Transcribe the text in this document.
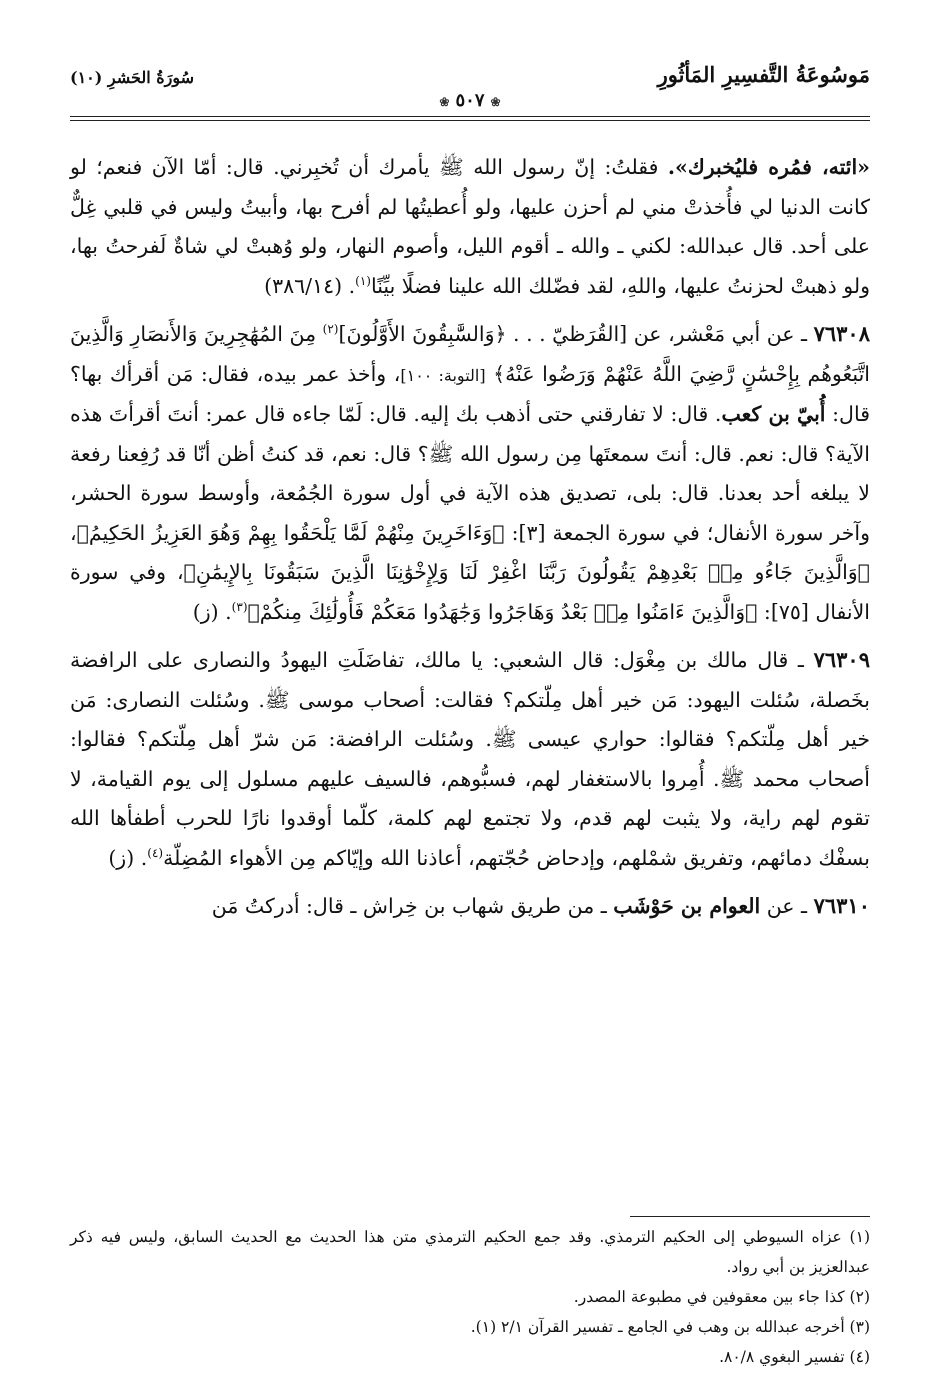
مَوسُوعَةُ التَّفسِيرِ المَأثُورِ
سُورَةُ الحَشرِ (١٠)
❀٥٠٧❀

«ائته، فمُره فليُخبرك». فقلتُ: إنّ رسول الله ﷺ يأمرك أن تُخبِرني. قال: أمّا الآن فنعم؛ لو كانت الدنيا لي فأُخذتْ مني لم أحزن عليها، ولو أُعطيتُها لم أفرح بها، وأبيتُ وليس في قلبي غِلٌّ على أحد. قال عبدالله: لكني ـ والله ـ أقوم الليل، وأصوم النهار، ولو وُهبتْ لي شاةٌ لَفرحتُ بها، ولو ذهبتْ لحزنتُ عليها، واللهِ، لقد فضّلك الله علينا فضلًا بيِّنًا$^{(١)}$. (٣٨٦/١٤)

٧٦٣٠٨ ـ عن أبي مَعْشر، عن [القُرَظيّ . . . ﴿وَالسَّٰبِقُونَ الأَوَّلُونَ]$^{(٢)}$ مِنَ المُهَٰجِرِينَ وَالأَنصَارِ وَالَّذِينَ اتَّبَعُوهُم بِإِحْسَٰنٍ رَّضِيَ اللَّهُ عَنْهُمْ وَرَضُوا عَنْهُ﴾ [التوبة: ١٠٠]، وأخذ عمر بيده، فقال: مَن أقرأك بها؟ قال: أُبيّ بن كعب. قال: لا تفارقني حتى أذهب بك إليه. قال: لَمّا جاءه قال عمر: أنتَ أقرأتَ هذه الآية؟ قال: نعم. قال: أنتَ سمعتَها مِن رسول الله ﷺ؟ قال: نعم، قد كنتُ أظن أنّا قد رُفِعنا رفعة لا يبلغه أحد بعدنا. قال: بلى، تصديق هذه الآية في أول سورة الجُمُعة، وأوسط سورة الحشر، وآخر سورة الأنفال؛ في سورة الجمعة [٣]: ﴿وَءَاخَرِينَ مِنْهُمْ لَمَّا يَلْحَقُوا بِهِمْ وَهُوَ العَزِيزُ الحَكِيمُ﴾، ﴿وَالَّذِينَ جَاءُو مِنۢ بَعْدِهِمْ يَقُولُونَ رَبَّنَا اغْفِرْ لَنَا وَلِإِخْوَٰنِنَا الَّذِينَ سَبَقُونَا بِالإِيمَٰنِ﴾، وفي سورة الأنفال [٧٥]: ﴿وَالَّذِينَ ءَامَنُوا مِنۢ بَعْدُ وَهَاجَرُوا وَجَٰهَدُوا مَعَكُمْ فَأُولَٰئِكَ مِنكُمْ﴾$^{(٣)}$. (ز)

٧٦٣٠٩ ـ قال مالك بن مِغْوَل: قال الشعبي: يا مالك، تفاضَلَتِ اليهودُ والنصارى على الرافضة بخَصلة، سُئلت اليهود: مَن خير أهل مِلّتكم؟ فقالت: أصحاب موسى ﷺ. وسُئلت النصارى: مَن خير أهل مِلّتكم؟ فقالوا: حواري عيسى ﷺ. وسُئلت الرافضة: مَن شرّ أهل مِلّتكم؟ فقالوا: أصحاب محمد ﷺ. أُمِروا بالاستغفار لهم، فسبُّوهم، فالسيف عليهم مسلول إلى يوم القيامة، لا تقوم لهم راية، ولا يثبت لهم قدم، ولا تجتمع لهم كلمة، كلّما أوقدوا نارًا للحرب أطفأها الله بسفْك دمائهم، وتفريق شمْلهم، وإدحاض حُجّتهم، أعاذنا الله وإيّاكم مِن الأهواء المُضِلّة$^{(٤)}$. (ز)

٧٦٣١٠ ـ عن العوام بن حَوْشَب ـ من طريق شهاب بن خِراش ـ قال: أدركتُ مَن

(١) عزاه السيوطي إلى الحكيم الترمذي. وقد جمع الحكيم الترمذي متن هذا الحديث مع الحديث السابق، وليس فيه ذكر عبدالعزيز بن أبي رواد.

(٢) كذا جاء بين معقوفين في مطبوعة المصدر.

(٣) أخرجه عبدالله بن وهب في الجامع ـ تفسير القرآن ٢/١ (١).

(٤) تفسير البغوي ٨٠/٨.
